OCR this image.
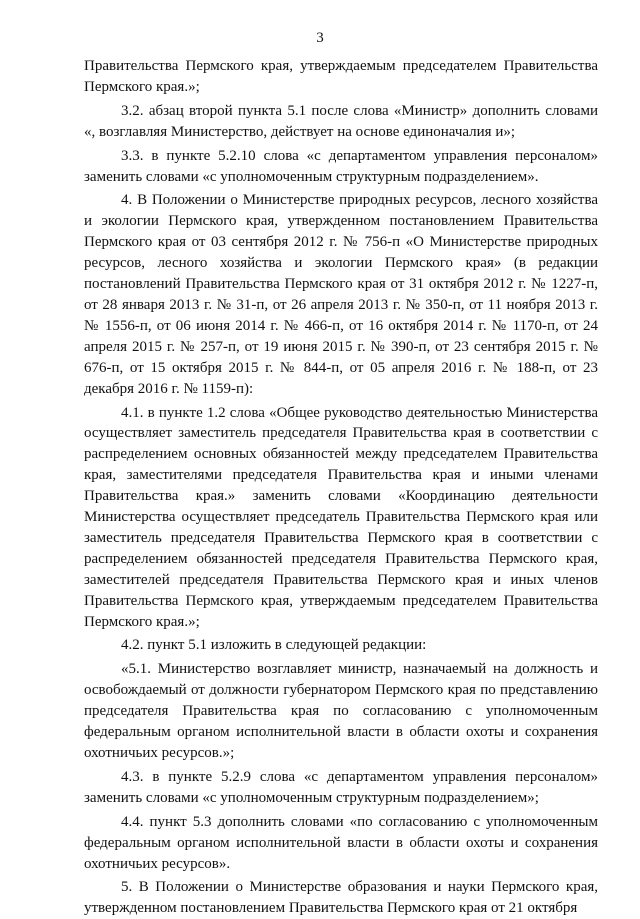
3

Правительства Пермского края, утверждаемым председателем Правительства Пермского края.»;

3.2. абзац второй пункта 5.1 после слова «Министр» дополнить словами «, возглавляя Министерство, действует на основе единоначалия и»;

3.3. в пункте 5.2.10 слова «с департаментом управления персоналом» заменить словами «с уполномоченным структурным подразделением».

4. В Положении о Министерстве природных ресурсов, лесного хозяйства и экологии Пермского края, утвержденном постановлением Правительства Пермского края от 03 сентября 2012 г. № 756-п «О Министерстве природных ресурсов, лесного хозяйства и экологии Пермского края» (в редакции постановлений Правительства Пермского края от 31 октября 2012 г. № 1227-п, от 28 января 2013 г. № 31-п, от 26 апреля 2013 г. № 350-п, от 11 ноября 2013 г. № 1556-п, от 06 июня 2014 г. № 466-п, от 16 октября 2014 г. № 1170-п, от 24 апреля 2015 г. № 257-п, от 19 июня 2015 г. № 390-п, от 23 сентября 2015 г. № 676-п, от 15 октября 2015 г. № 844-п, от 05 апреля 2016 г. № 188-п, от 23 декабря 2016 г. № 1159-п):

4.1. в пункте 1.2 слова «Общее руководство деятельностью Министерства осуществляет заместитель председателя Правительства края в соответствии с распределением основных обязанностей между председателем Правительства края, заместителями председателя Правительства края и иными членами Правительства края.» заменить словами «Координацию деятельности Министерства осуществляет председатель Правительства Пермского края или заместитель председателя Правительства Пермского края в соответствии с распределением обязанностей председателя Правительства Пермского края, заместителей председателя Правительства Пермского края и иных членов Правительства Пермского края, утверждаемым председателем Правительства Пермского края.»;

4.2. пункт 5.1 изложить в следующей редакции:

«5.1. Министерство возглавляет министр, назначаемый на должность и освобождаемый от должности губернатором Пермского края по представлению председателя Правительства края по согласованию с уполномоченным федеральным органом исполнительной власти в области охоты и сохранения охотничьих ресурсов.»;

4.3. в пункте 5.2.9 слова «с департаментом управления персоналом» заменить словами «с уполномоченным структурным подразделением»;

4.4. пункт 5.3 дополнить словами «по согласованию с уполномоченным федеральным органом исполнительной власти в области охоты и сохранения охотничьих ресурсов».

5. В Положении о Министерстве образования и науки Пермского края, утвержденном постановлением Правительства Пермского края от 21 октября
